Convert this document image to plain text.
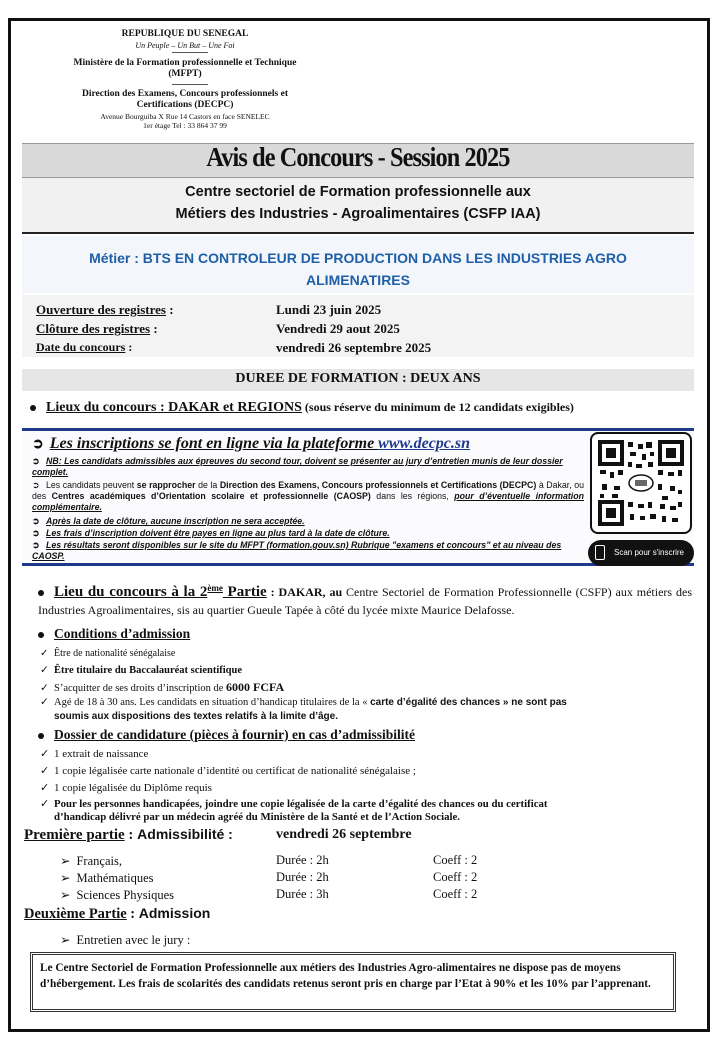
REPUBLIQUE DU SENEGAL
Un Peuple – Un But – Une Foi
Ministère de la Formation professionnelle et Technique (MFPT)
Direction des Examens, Concours professionnels et Certifications (DECPC)
Avenue Bourguiba X Rue 14 Castors en face SENELEC
1er étage Tel : 33 864 37 99
Avis de Concours - Session 2025
Centre sectoriel de Formation professionnelle aux
Métiers des Industries - Agroalimentaires (CSFP IAA)
Métier : BTS EN CONTROLEUR DE PRODUCTION DANS LES INDUSTRIES AGRO
ALIMENATIRES
Ouverture des registres :	Lundi 23 juin 2025
Clôture des registres :	Vendredi 29 aout 2025
Date du concours :	vendredi 26 septembre 2025
DUREE DE FORMATION : DEUX ANS
Lieux du concours : DAKAR et REGIONS (sous réserve du minimum de 12 candidats exigibles)
➲ Les inscriptions se font en ligne via la plateforme www.decpc.sn
➲ NB: Les candidats admissibles aux épreuves du second tour, doivent se présenter au jury d’entretien munis de leur dossier complet.
➲ Les candidats peuvent se rapprocher de la Direction des Examens, Concours professionnels et Certifications (DECPC) à Dakar, ou des Centres académiques d’Orientation scolaire et professionnelle (CAOSP) dans les régions, pour d’éventuelle information complémentaire.
➲ Après la date de clôture, aucune inscription ne sera acceptée.
➲ Les frais d’inscription doivent être payes en ligne au plus tard à la date de clôture.
➲ Les résultats seront disponibles sur le site du MFPT (formation.gouv.sn) Rubrique "examens et concours" et au niveau des CAOSP.	Scan pour s'inscrire
Lieu du concours à la 2ème Partie : DAKAR, au Centre Sectoriel de Formation Professionnelle (CSFP) aux métiers des Industries Agroalimentaires, sis au quartier Gueule Tapée à côté du lycée mixte Maurice Delafosse.
Conditions d’admission
✓ Être de nationalité sénégalaise
✓ Être titulaire du Baccalauréat scientifique
✓ S’acquitter de ses droits d’inscription de 6000 FCFA
✓ Agé de 18 à 30 ans. Les candidats en situation d’handicap titulaires de la « carte d’égalité des chances » ne sont pas
soumis aux dispositions des textes relatifs à la limite d’âge.
Dossier de candidature (pièces à fournir) en cas d’admissibilité
✓ 1 extrait de naissance
✓ 1 copie légalisée carte nationale d’identité ou certificat de nationalité sénégalaise ;
✓ 1 copie légalisée du Diplôme requis
✓ Pour les personnes handicapées, joindre une copie légalisée de la carte d’égalité des chances ou du certificat
d’handicap délivré par un médecin agréé du Ministère de la Santé et de l’Action Sociale.
Première partie : Admissibilité :	vendredi 26 septembre
➢ Français,	Durée : 2h	Coeff : 2
➢ Mathématiques	Durée : 2h	Coeff : 2
➢ Sciences Physiques	Durée : 3h	Coeff : 2
Deuxième Partie : Admission
➢ Entretien avec le jury :
Le Centre Sectoriel de Formation Professionnelle aux métiers des Industries Agro-alimentaires ne dispose pas de moyens d’hébergement. Les frais de scolarités des candidats retenus seront pris en charge par l’Etat à 90% et les 10% par l’apprenant.
